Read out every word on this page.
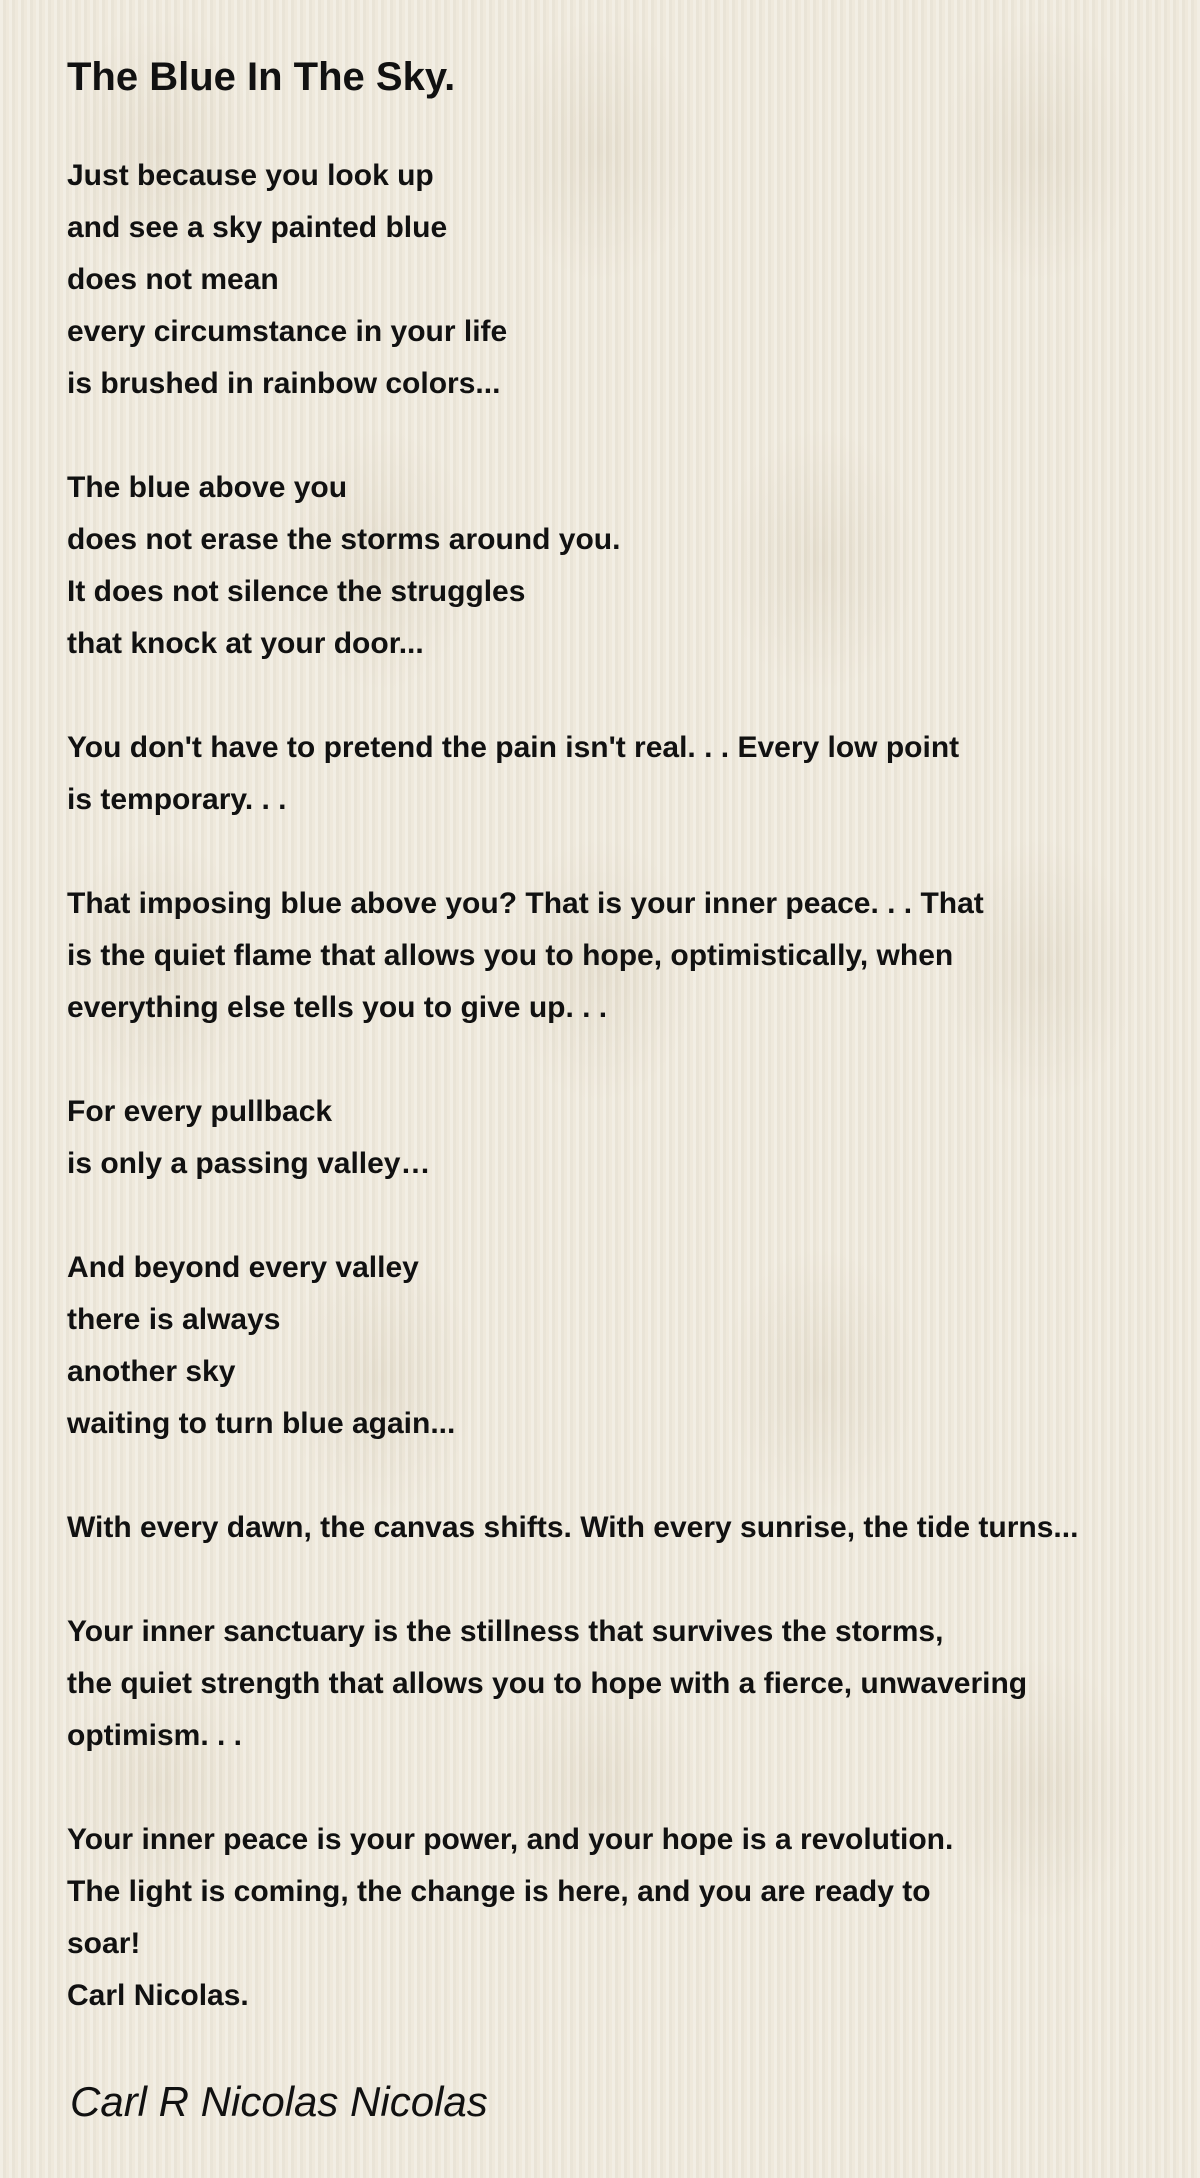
The Blue In The Sky.

Just because you look up
and see a sky painted blue
does not mean
every circumstance in your life
is brushed in rainbow colors...

The blue above you
does not erase the storms around you.
It does not silence the struggles
that knock at your door...

You don't have to pretend the pain isn't real. . . Every low point
is temporary. . .

That imposing blue above you? That is your inner peace. . . That
is the quiet flame that allows you to hope, optimistically, when
everything else tells you to give up. . .

For every pullback
is only a passing valley…

And beyond every valley
there is always
another sky
waiting to turn blue again...

With every dawn, the canvas shifts. With every sunrise, the tide turns...

Your inner sanctuary is the stillness that survives the storms,
the quiet strength that allows you to hope with a fierce, unwavering
optimism. . .

Your inner peace is your power, and your hope is a revolution.
The light is coming, the change is here, and you are ready to
soar!
Carl Nicolas.

Carl R Nicolas Nicolas
